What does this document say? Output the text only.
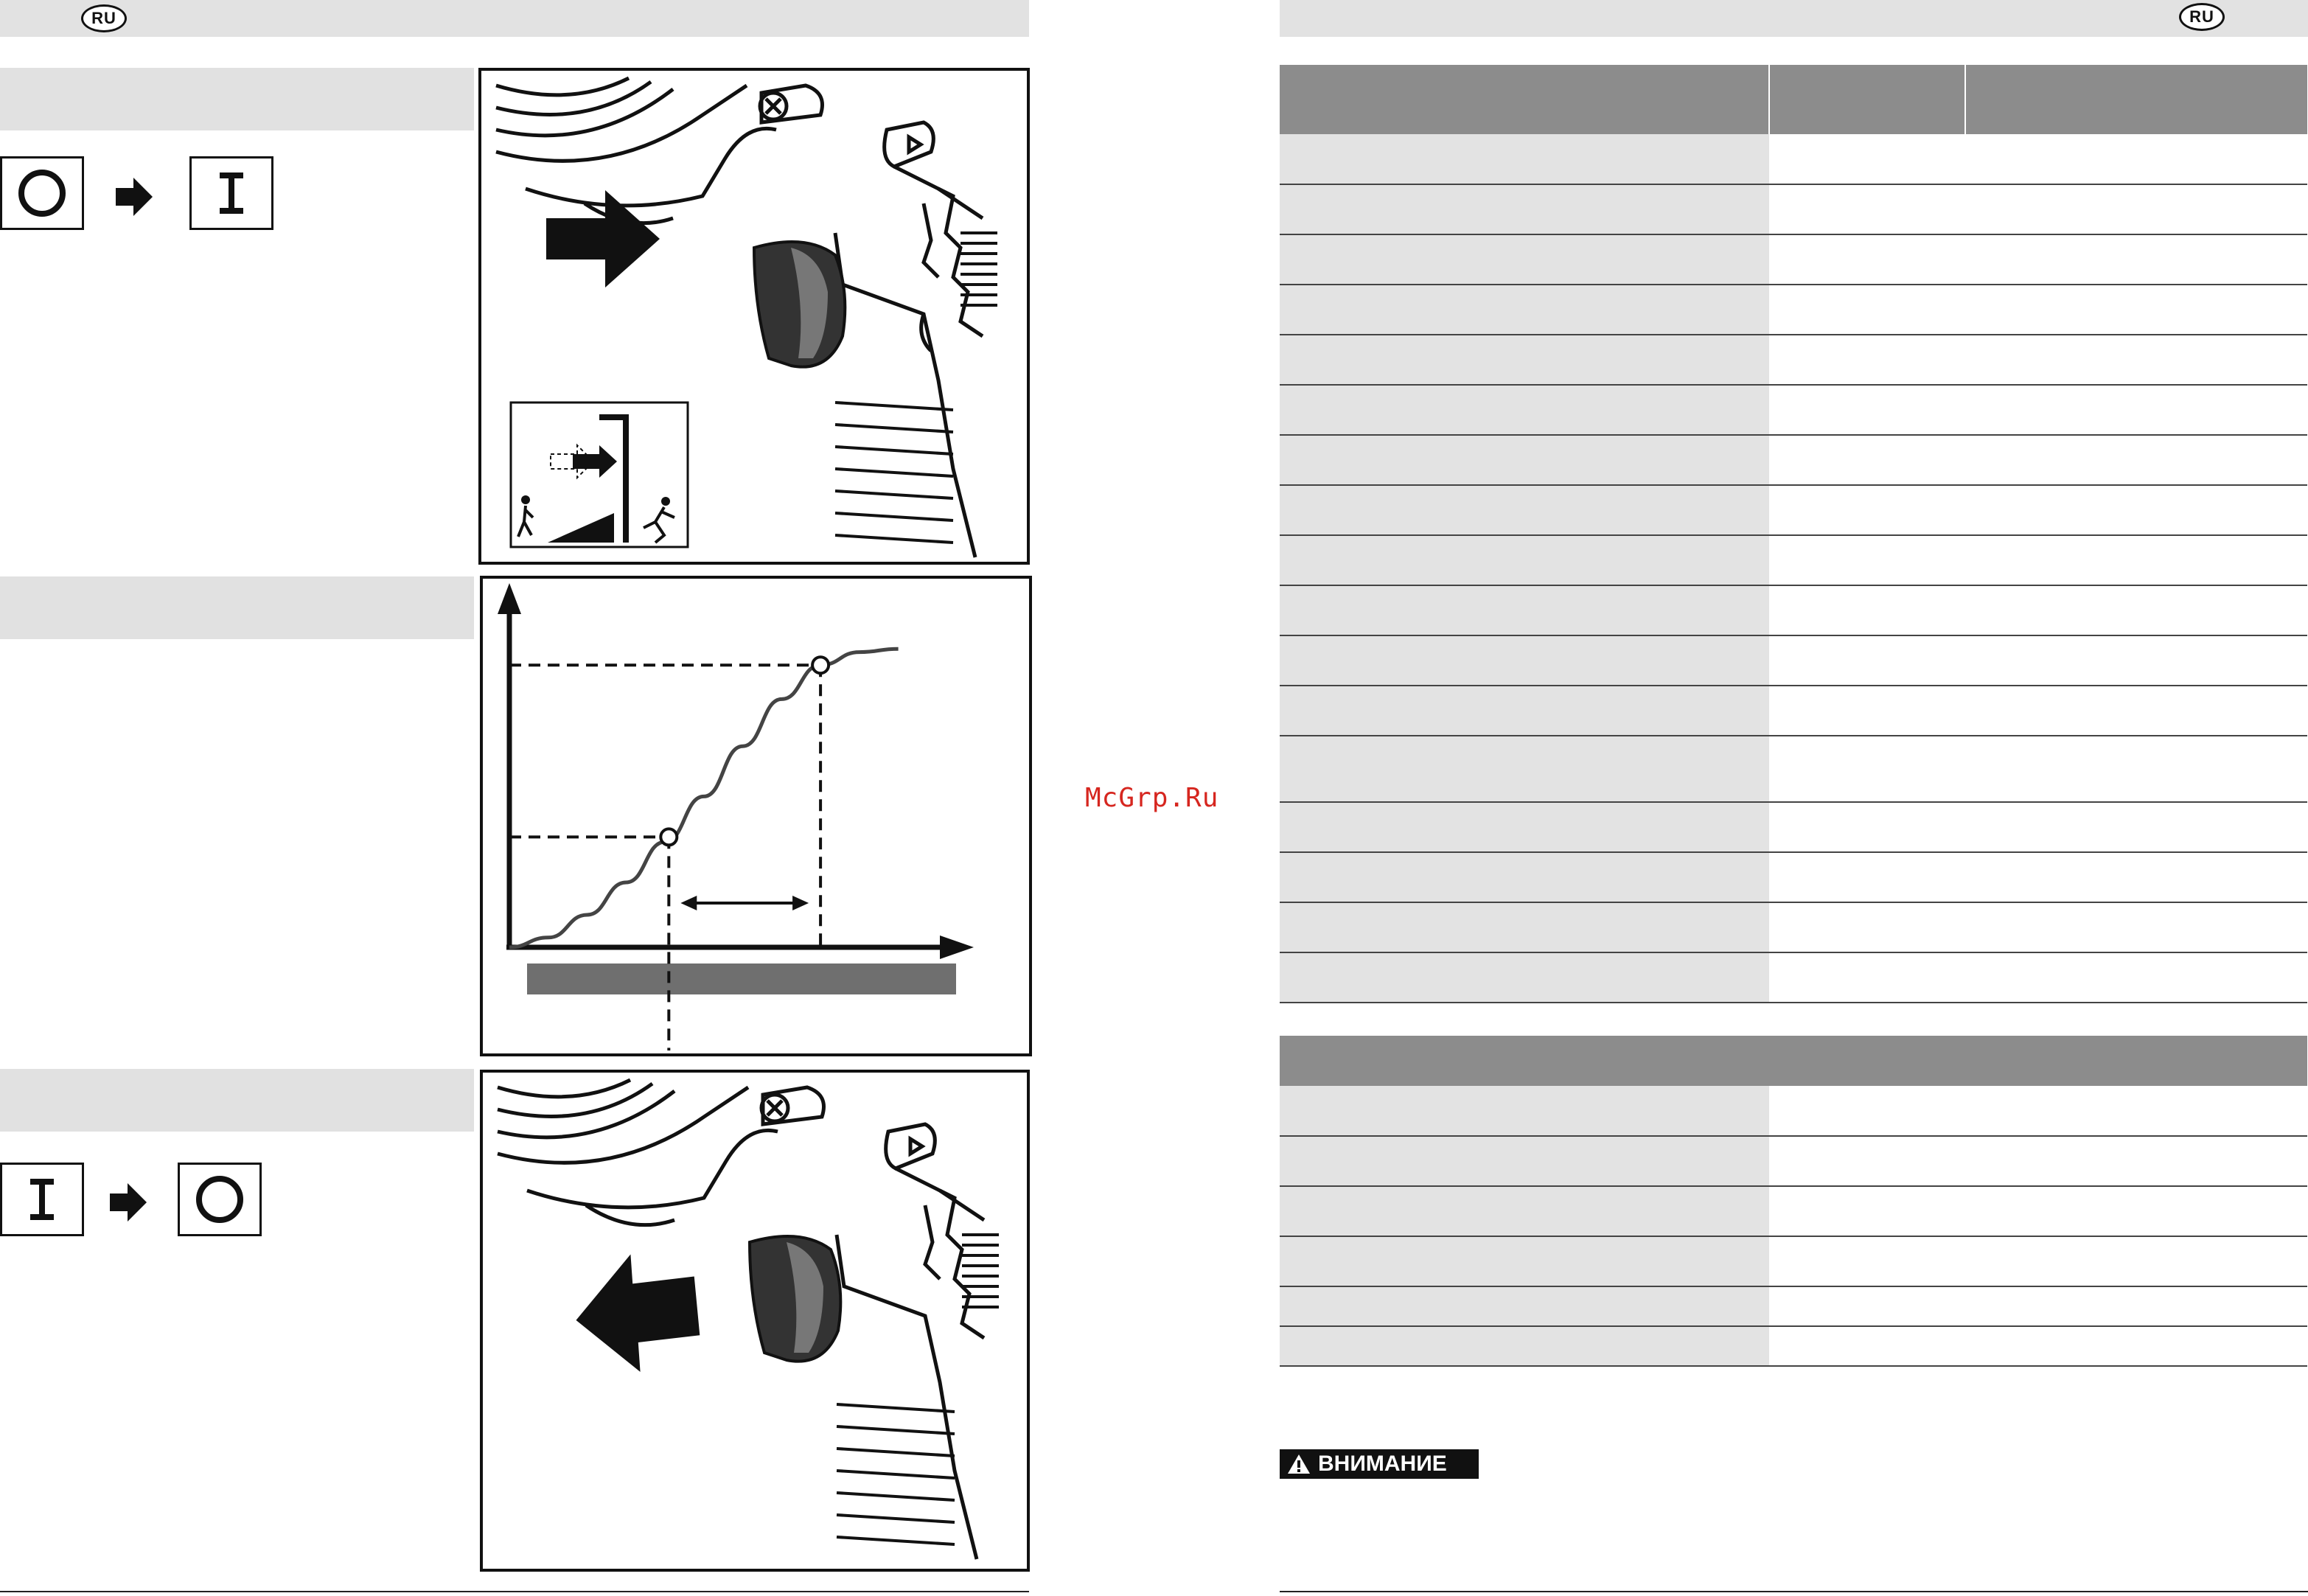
RU
McGrp.Ru
RU

ВНИМАНИЕ
